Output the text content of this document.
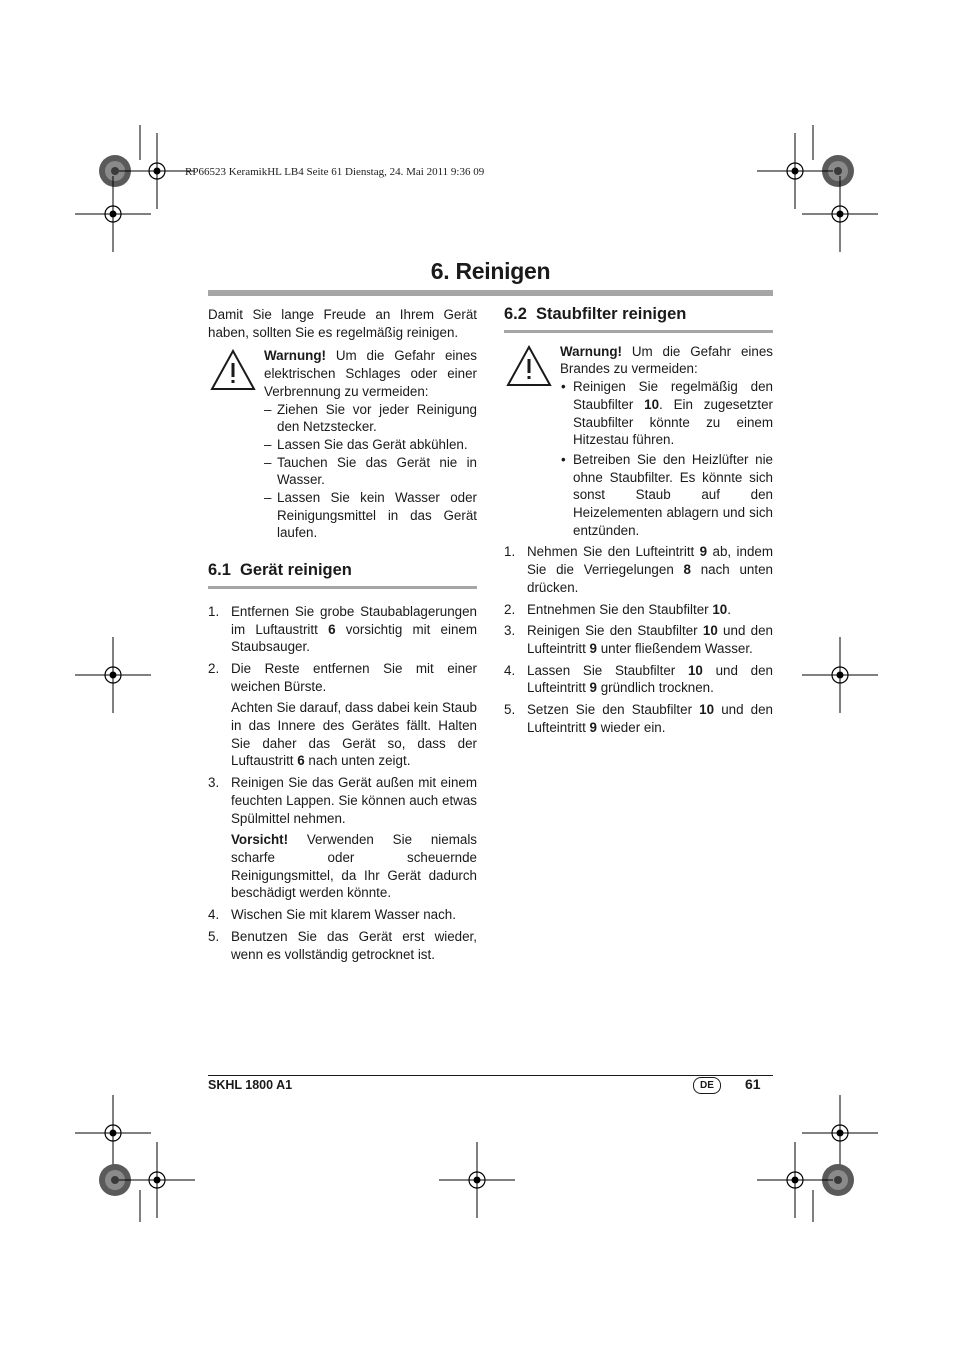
RP66523 KeramikHL LB4 Seite 61 Dienstag, 24. Mai 2011 9:36 09
6. Reinigen

Damit Sie lange Freude an Ihrem Gerät haben, sollten Sie es regelmäßig reinigen.

Warnung! Um die Gefahr eines elektrischen Schlages oder einer Verbrennung zu vermeiden:

– Ziehen Sie vor jeder Reinigung den Netzstecker.
– Lassen Sie das Gerät abkühlen.
– Tauchen Sie das Gerät nie in Wasser.
– Lassen Sie kein Wasser oder Reinigungsmittel in das Gerät laufen.
6.1 Gerät reinigen
1. Entfernen Sie grobe Staubablagerungen im Luftaustritt 6 vorsichtig mit einem Staubsauger.
2. Die Reste entfernen Sie mit einer weichen Bürste.

Achten Sie darauf, dass dabei kein Staub in das Innere des Gerätes fällt. Halten Sie daher das Gerät so, dass der Luftaustritt 6 nach unten zeigt.

3. Reinigen Sie das Gerät außen mit einem feuchten Lappen. Sie können auch etwas Spülmittel nehmen.

Vorsicht! Verwenden Sie niemals scharfe oder scheuernde Reinigungsmittel, da Ihr Gerät dadurch beschädigt werden könnte.

4. Wischen Sie mit klarem Wasser nach.
5. Benutzen Sie das Gerät erst wieder, wenn es vollständig getrocknet ist.
6.2 Staubfilter reinigen

Warnung! Um die Gefahr eines Brandes zu vermeiden:

• Reinigen Sie regelmäßig den Staubfilter 10. Ein zugesetzter Staubfilter könnte zu einem Hitzestau führen.
• Betreiben Sie den Heizlüfter nie ohne Staubfilter. Es könnte sich sonst Staub auf den Heizelementen ablagern und sich entzünden.
1. Nehmen Sie den Lufteintritt 9 ab, indem Sie die Verriegelungen 8 nach unten drücken.
2. Entnehmen Sie den Staubfilter 10.
3. Reinigen Sie den Staubfilter 10 und den Lufteintritt 9 unter fließendem Wasser.
4. Lassen Sie Staubfilter 10 und den Lufteintritt 9 gründlich trocknen.
5. Setzen Sie den Staubfilter 10 und den Lufteintritt 9 wieder ein.
SKHL 1800 A1	DE	61
